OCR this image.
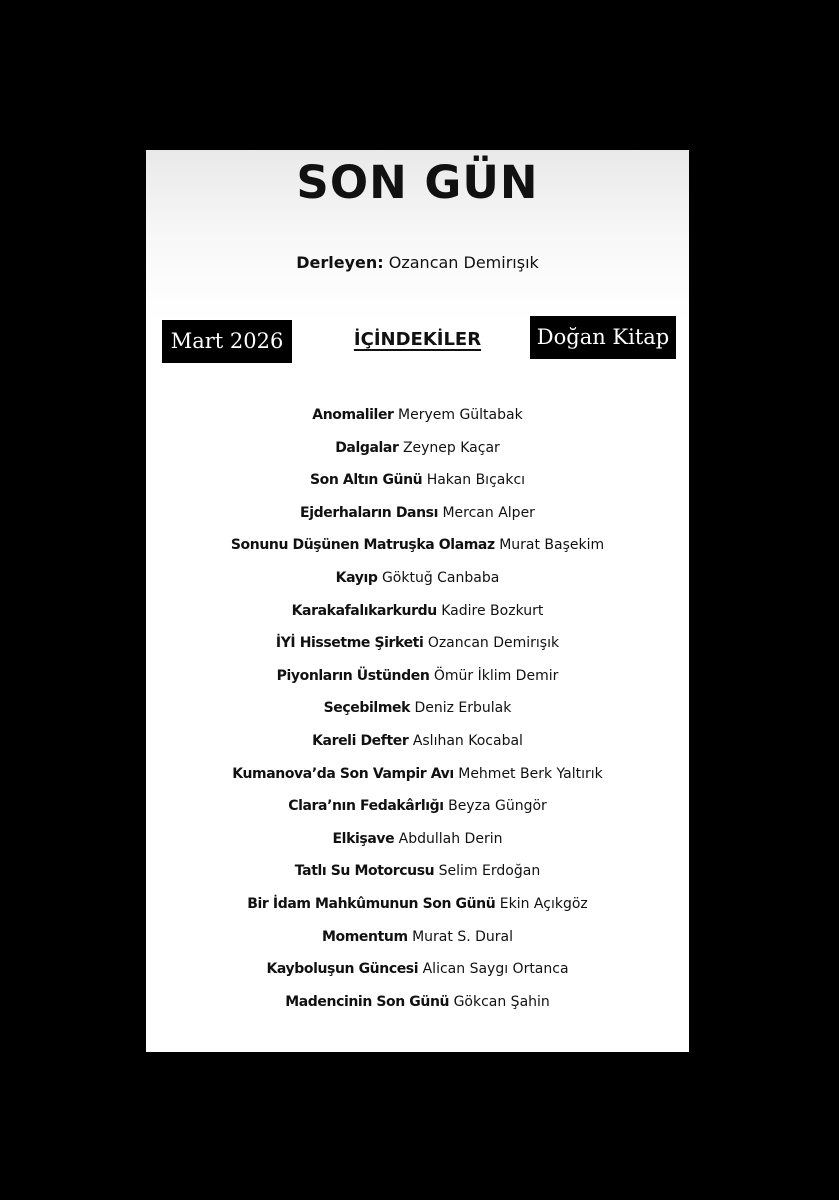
SON GÜN
Derleyen: Ozancan Demirışık
Mart 2026	İÇİNDEKİLER	Doğan Kitap
Anomaliler Meryem Gültabak
Dalgalar Zeynep Kaçar
Son Altın Günü Hakan Bıçakcı
Ejderhaların Dansı Mercan Alper
Sonunu Düşünen Matruşka Olamaz Murat Başekim
Kayıp Göktuğ Canbaba
Karakafalıkarkurdu Kadire Bozkurt
İYİ Hissetme Şirketi Ozancan Demirışık
Piyonların Üstünden Ömür İklim Demir
Seçebilmek Deniz Erbulak
Kareli Defter Aslıhan Kocabal
Kumanova’da Son Vampir Avı Mehmet Berk Yaltırık
Clara’nın Fedakârlığı Beyza Güngör
Elkişave Abdullah Derin
Tatlı Su Motorcusu Selim Erdoğan
Bir İdam Mahkûmunun Son Günü Ekin Açıkgöz
Momentum Murat S. Dural
Kayboluşun Güncesi Alican Saygı Ortanca
Madencinin Son Günü Gökcan Şahin
